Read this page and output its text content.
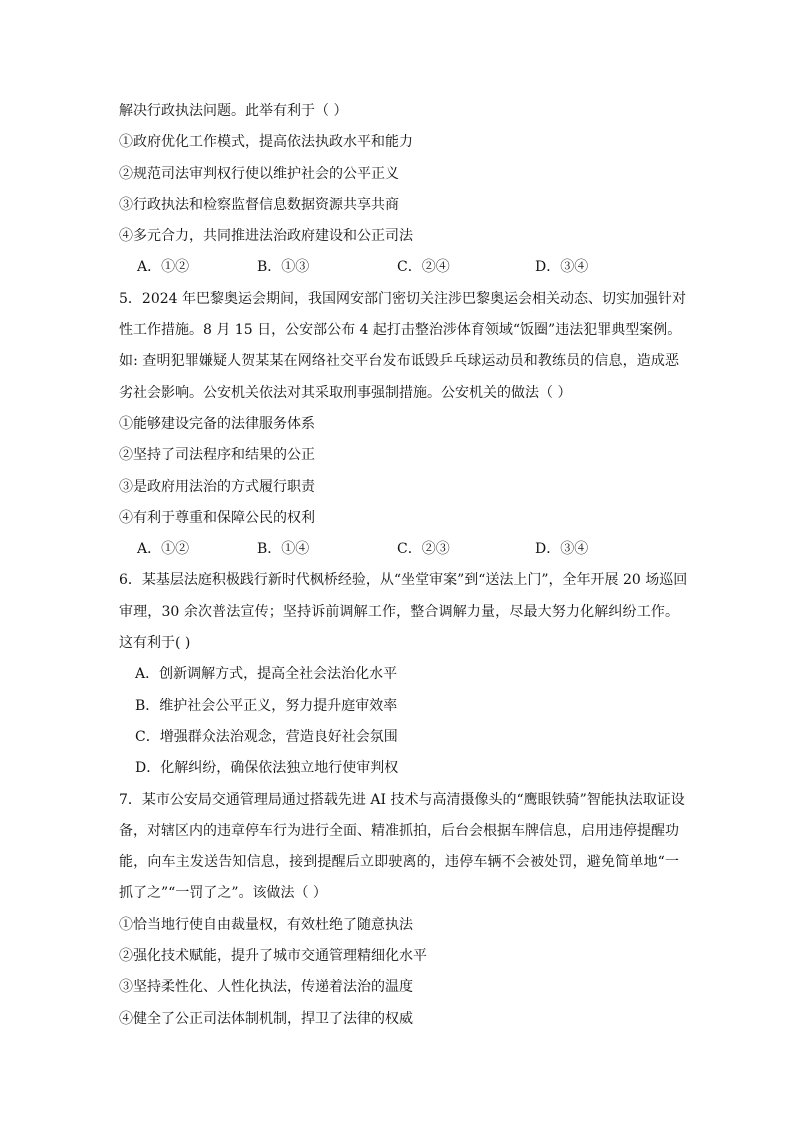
解决行政执法问题。此举有利于（ ）
①政府优化工作模式，提高依法执政水平和能力
②规范司法审判权行使以维护社会的公平正义
③行政执法和检察监督信息数据资源共享共商
④多元合力，共同推进法治政府建设和公正司法
A．①②	B．①③	C．②④	D．③④
5．2024 年巴黎奥运会期间，我国网安部门密切关注涉巴黎奥运会相关动态、切实加强针对
性工作措施。8 月 15 日，公安部公布 4 起打击整治涉体育领域“饭圈”违法犯罪典型案例。
如: 查明犯罪嫌疑人贺某某在网络社交平台发布诋毁乒乓球运动员和教练员的信息，造成恶
劣社会影响。公安机关依法对其采取刑事强制措施。公安机关的做法（ ）
①能够建设完备的法律服务体系
②坚持了司法程序和结果的公正
③是政府用法治的方式履行职责
④有利于尊重和保障公民的权利
A．①②	B．①④	C．②③	D．③④
6．某基层法庭积极践行新时代枫桥经验，从“坐堂审案”到“送法上门”，全年开展 20 场巡回
审理，30 余次普法宣传；坚持诉前调解工作，整合调解力量，尽最大努力化解纠纷工作。
这有利于( )
A．创新调解方式，提高全社会法治化水平
B．维护社会公平正义，努力提升庭审效率
C．增强群众法治观念，营造良好社会氛围
D．化解纠纷，确保依法独立地行使审判权
7．某市公安局交通管理局通过搭载先进 AI 技术与高清摄像头的“鹰眼铁骑”智能执法取证设
备，对辖区内的违章停车行为进行全面、精准抓拍，后台会根据车牌信息，启用违停提醒功
能，向车主发送告知信息，接到提醒后立即驶离的，违停车辆不会被处罚，避免简单地“一
抓了之”“一罚了之”。该做法（ ）
①恰当地行使自由裁量权，有效杜绝了随意执法
②强化技术赋能，提升了城市交通管理精细化水平
③坚持柔性化、人性化执法，传递着法治的温度
④健全了公正司法体制机制，捍卫了法律的权威
